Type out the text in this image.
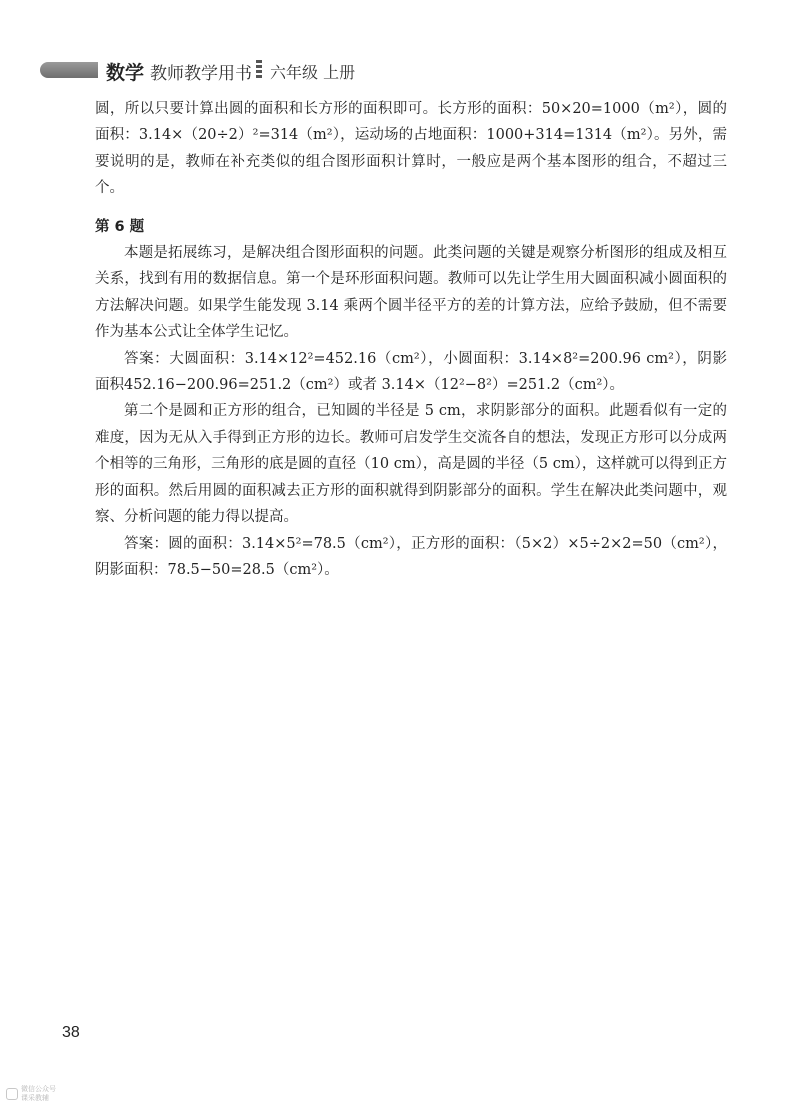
数学 教师教学用书 六年级 上册

圆，所以只要计算出圆的面积和长方形的面积即可。长方形的面积：50×20=1000（m²），圆的面积：3.14×（20÷2）²=314（m²），运动场的占地面积：1000+314=1314（m²）。另外，需要说明的是，教师在补充类似的组合图形面积计算时，一般应是两个基本图形的组合，不超过三个。

第 6 题

本题是拓展练习，是解决组合图形面积的问题。此类问题的关键是观察分析图形的组成及相互关系，找到有用的数据信息。第一个是环形面积问题。教师可以先让学生用大圆面积减小圆面积的方法解决问题。如果学生能发现 3.14 乘两个圆半径平方的差的计算方法，应给予鼓励，但不需要作为基本公式让全体学生记忆。

答案：大圆面积：3.14×12²=452.16（cm²），小圆面积：3.14×8²=200.96 cm²），阴影面积452.16−200.96=251.2（cm²）或者 3.14×（12²−8²）=251.2（cm²）。

第二个是圆和正方形的组合，已知圆的半径是 5 cm，求阴影部分的面积。此题看似有一定的难度，因为无从入手得到正方形的边长。教师可启发学生交流各自的想法，发现正方形可以分成两个相等的三角形，三角形的底是圆的直径（10 cm），高是圆的半径（5 cm），这样就可以得到正方形的面积。然后用圆的面积减去正方形的面积就得到阴影部分的面积。学生在解决此类问题中，观察、分析问题的能力得以提高。

答案：圆的面积：3.14×5²=78.5（cm²），正方形的面积：（5×2）×5÷2×2=50（cm²），阴影面积：78.5−50=28.5（cm²）。

38
微信公众号
课采教辅
